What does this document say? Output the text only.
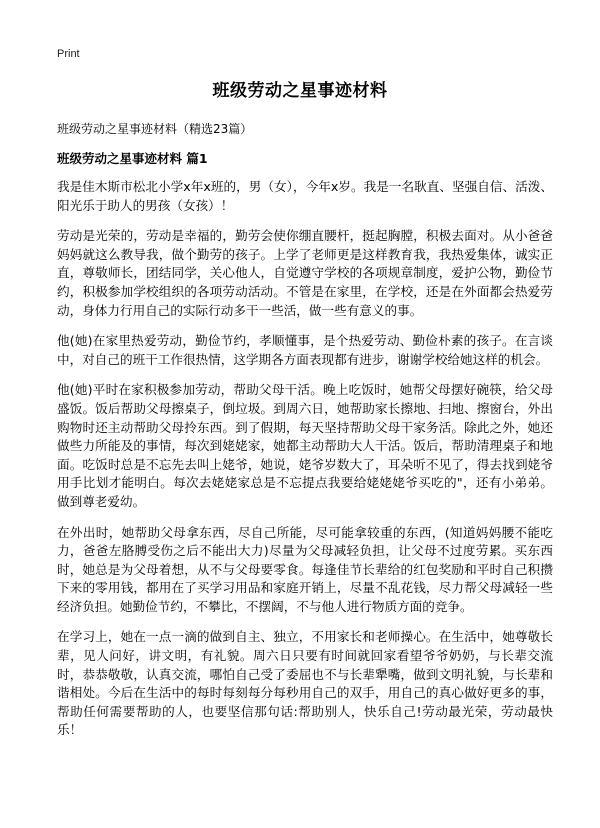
Print
班级劳动之星事迹材料
班级劳动之星事迹材料（精选23篇）
班级劳动之星事迹材料 篇1

我是佳木斯市松北小学x年x班的，男（女），今年x岁。我是一名耿直、坚强自信、活泼、阳光乐于助人的男孩（女孩）！

劳动是光荣的，劳动是幸福的，勤劳会使你绷直腰杆，挺起胸膛，积极去面对。从小爸爸妈妈就这么教导我，做个勤劳的孩子。上学了老师更是这样教育我，我热爱集体，诚实正直，尊敬师长，团结同学，关心他人，自觉遵守学校的各项规章制度，爱护公物，勤俭节约，积极参加学校组织的各项劳动活动。不管是在家里，在学校，还是在外面都会热爱劳动，身体力行用自己的实际行动多干一些活，做一些有意义的事。

他(她)在家里热爱劳动，勤俭节约，孝顺懂事，是个热爱劳动、勤俭朴素的孩子。在言谈中，对自己的班干工作很热情，这学期各方面表现都有进步，谢谢学校给她这样的机会。

他(她)平时在家积极参加劳动，帮助父母干活。晚上吃饭时，她帮父母摆好碗筷，给父母盛饭。饭后帮助父母擦桌子，倒垃圾。到周六日，她帮助家长擦地、扫地、擦窗台，外出购物时还主动帮助父母拎东西。到了假期，每天坚持帮助父母干家务活。除此之外，她还做些力所能及的事情，每次到姥姥家，她都主动帮助大人干活。饭后，帮助清理桌子和地面。吃饭时总是不忘先去叫上姥爷，她说，姥爷岁数大了，耳朵听不见了，得去找到姥爷用手比划才能明白。每次去姥姥家总是不忘提点我要给姥姥姥爷买吃的"，还有小弟弟。做到尊老爱幼。

在外出时，她帮助父母拿东西，尽自己所能，尽可能拿较重的东西，(知道妈妈腰不能吃力，爸爸左胳膊受伤之后不能出大力)尽量为父母减轻负担，让父母不过度劳累。买东西时，她总是为父母着想，从不与父母要零食。每逢佳节长辈给的红包奖励和平时自己积攒下来的零用钱，都用在了买学习用品和家庭开销上，尽量不乱花钱，尽力帮父母减轻一些经济负担。她勤俭节约，不攀比，不摆阔，不与他人进行物质方面的竞争。

在学习上，她在一点一滴的做到自主、独立，不用家长和老师操心。在生活中，她尊敬长辈，见人问好，讲文明，有礼貌。周六日只要有时间就回家看望爷爷奶奶，与长辈交流时，恭恭敬敬，认真交流，哪怕自己受了委屈也不与长辈犟嘴，做到文明礼貌，与长辈和谐相处。今后在生活中的每时每刻每分每秒用自己的双手，用自己的真心做好更多的事，帮助任何需要帮助的人，也要坚信那句话:帮助别人，快乐自己!劳动最光荣，劳动最快乐！
